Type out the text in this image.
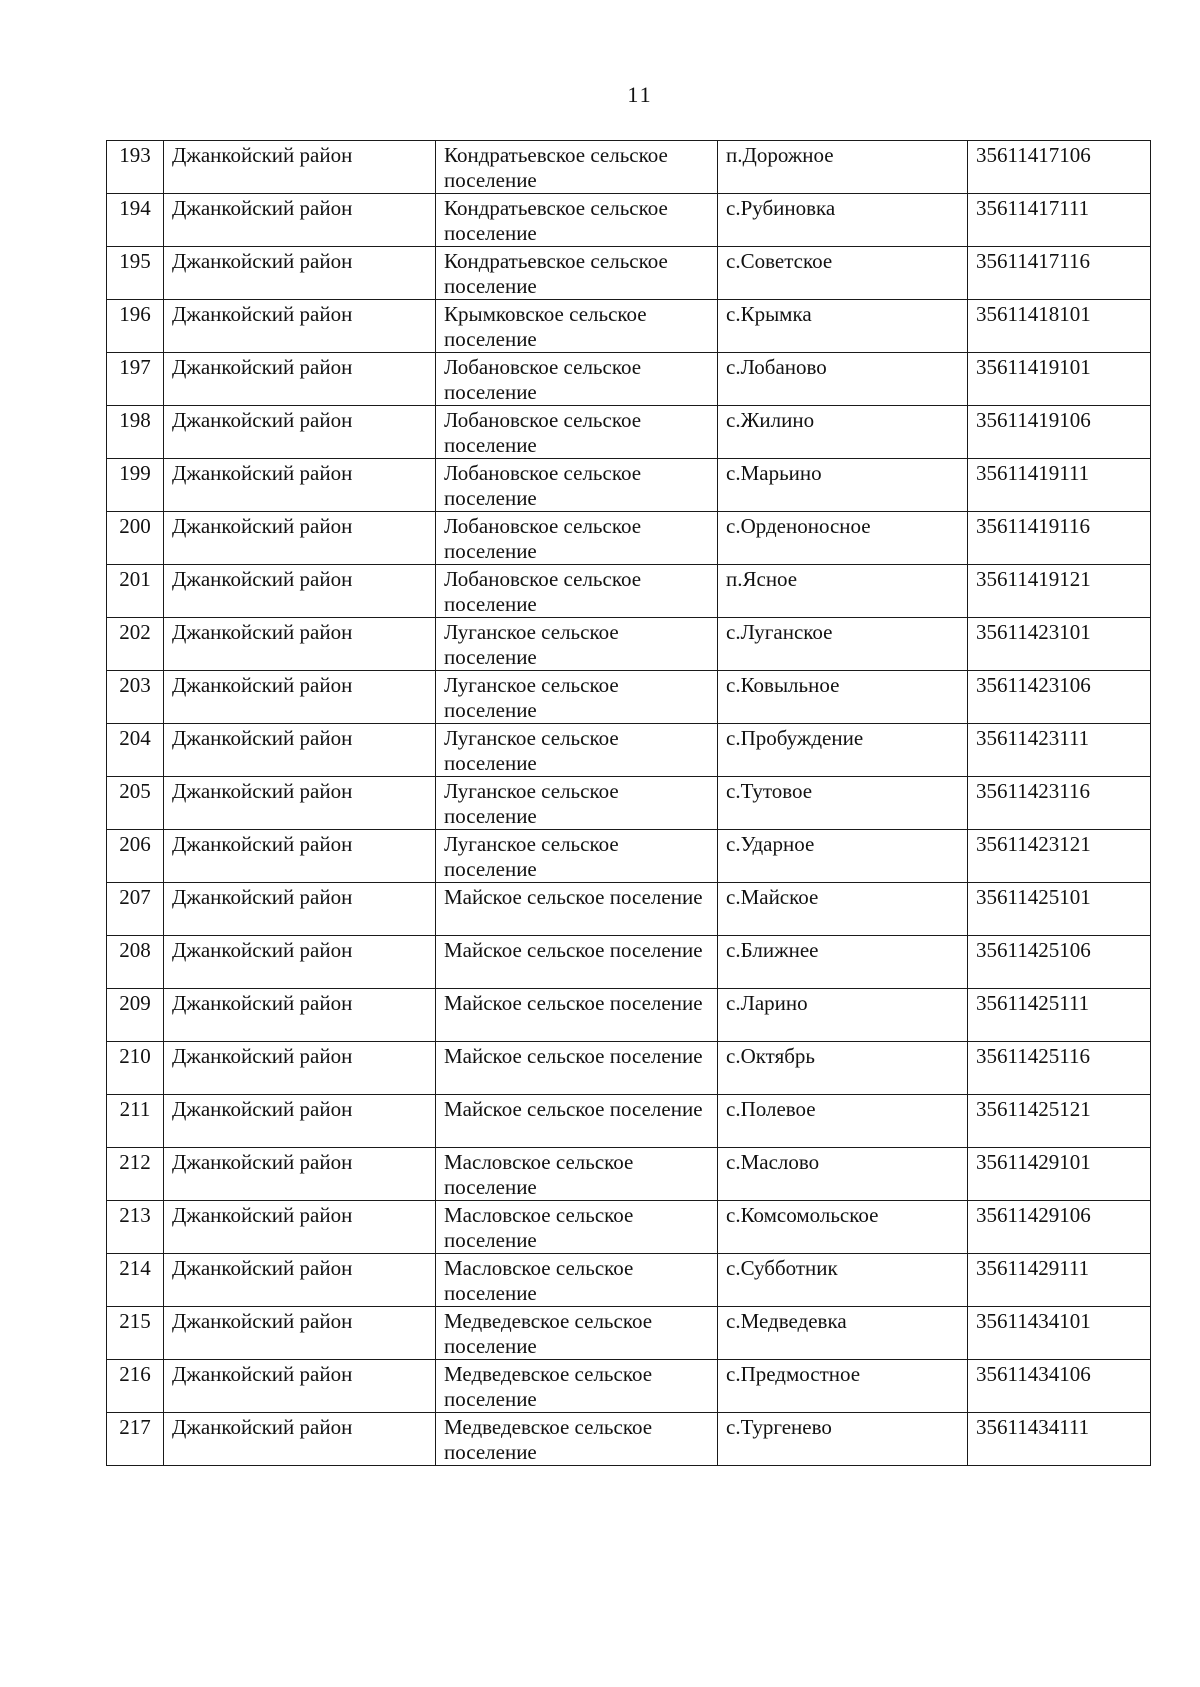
11
193	Джанкойский район	Кондратьевское сельское поселение	п.Дорожное	35611417106

194	Джанкойский район	Кондратьевское сельское поселение	с.Рубиновка	35611417111

195	Джанкойский район	Кондратьевское сельское поселение	с.Советское	35611417116

196	Джанкойский район	Крымковское сельское поселение	с.Крымка	35611418101

197	Джанкойский район	Лобановское сельское поселение	с.Лобаново	35611419101

198	Джанкойский район	Лобановское сельское поселение	с.Жилино	35611419106

199	Джанкойский район	Лобановское сельское поселение	с.Марьино	35611419111

200	Джанкойский район	Лобановское сельское поселение	с.Орденоносное	35611419116

201	Джанкойский район	Лобановское сельское поселение	п.Ясное	35611419121

202	Джанкойский район	Луганское сельское поселение	с.Луганское	35611423101

203	Джанкойский район	Луганское сельское поселение	с.Ковыльное	35611423106

204	Джанкойский район	Луганское сельское поселение	с.Пробуждение	35611423111

205	Джанкойский район	Луганское сельское поселение	с.Тутовое	35611423116

206	Джанкойский район	Луганское сельское поселение	с.Ударное	35611423121

207	Джанкойский район	Майское сельское поселение	с.Майское	35611425101

208	Джанкойский район	Майское сельское поселение	с.Ближнее	35611425106

209	Джанкойский район	Майское сельское поселение	с.Ларино	35611425111

210	Джанкойский район	Майское сельское поселение	с.Октябрь	35611425116

211	Джанкойский район	Майское сельское поселение	с.Полевое	35611425121

212	Джанкойский район	Масловское сельское поселение	с.Маслово	35611429101

213	Джанкойский район	Масловское сельское поселение	с.Комсомольское	35611429106

214	Джанкойский район	Масловское сельское поселение	с.Субботник	35611429111

215	Джанкойский район	Медведевское сельское поселение	с.Медведевка	35611434101

216	Джанкойский район	Медведевское сельское поселение	с.Предмостное	35611434106

217	Джанкойский район	Медведевское сельское поселение	с.Тургенево	35611434111
